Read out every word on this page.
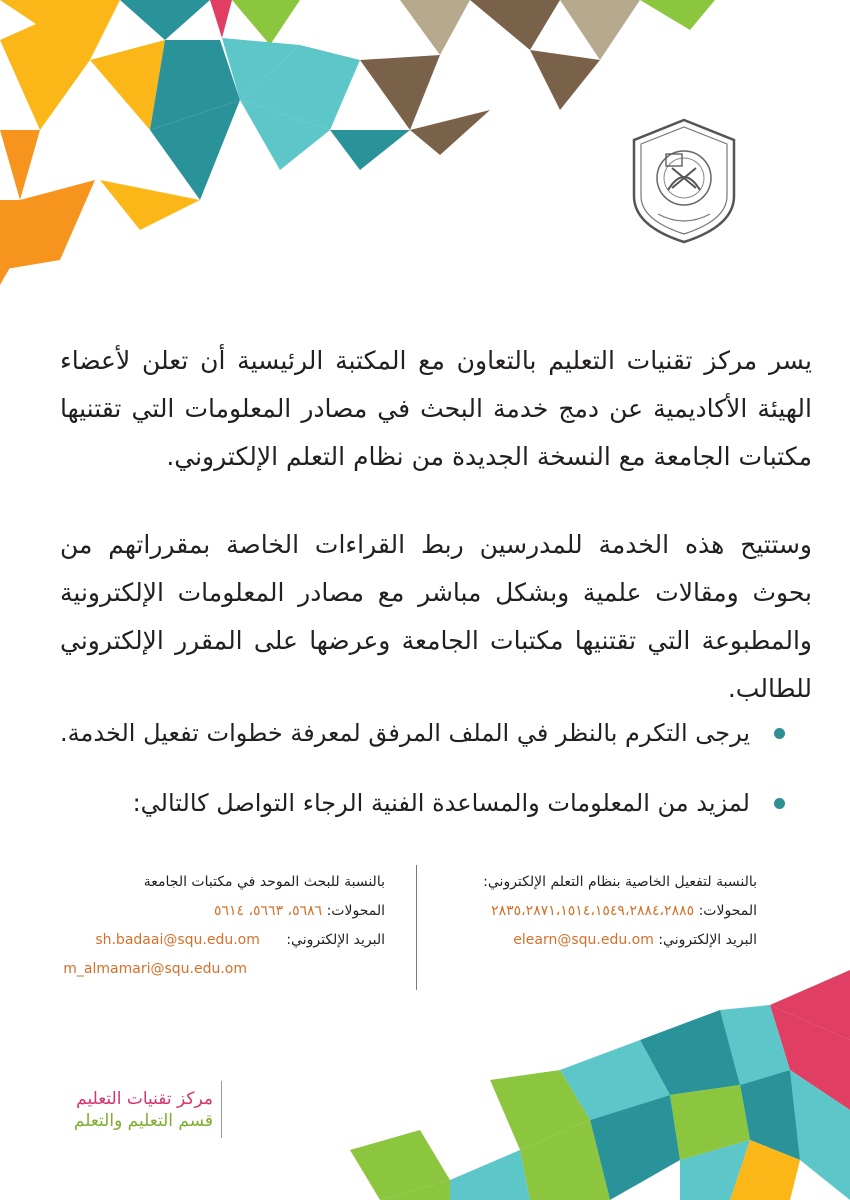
يسر مركز تقنيات التعليم بالتعاون مع المكتبة الرئيسية أن تعلن لأعضاء الهيئة الأكاديمية عن دمج خدمة البحث في مصادر المعلومات التي تقتنيها مكتبات الجامعة مع النسخة الجديدة من نظام التعلم الإلكتروني.

وستتيح هذه الخدمة للمدرسين ربط القراءات الخاصة بمقرراتهم من بحوث ومقالات علمية وبشكل مباشر مع مصادر المعلومات الإلكترونية والمطبوعة التي تقتنيها مكتبات الجامعة وعرضها على المقرر الإلكتروني للطالب.

يرجى التكرم بالنظر في الملف المرفق لمعرفة خطوات تفعيل الخدمة.
لمزيد من المعلومات والمساعدة الفنية الرجاء التواصل كالتالي:
بالنسبة لتفعيل الخاصية بنظام التعلم الإلكتروني:
المحولات: ٢٨٣٥،٢٨٧١،١٥١٤،١٥٤٩،٢٨٨٤،٢٨٨٥
البريد الإلكتروني: elearn@squ.edu.om
بالنسبة للبحث الموحد في مكتبات الجامعة
المحولات: ٥٦٨٦، ٥٦٦٣، ٥٦١٤
البريد الإلكتروني: sh.badaai@squ.edu.om
m_almamari@squ.edu.om
مركز تقنيات التعليم
قسم التعليم والتعلم
